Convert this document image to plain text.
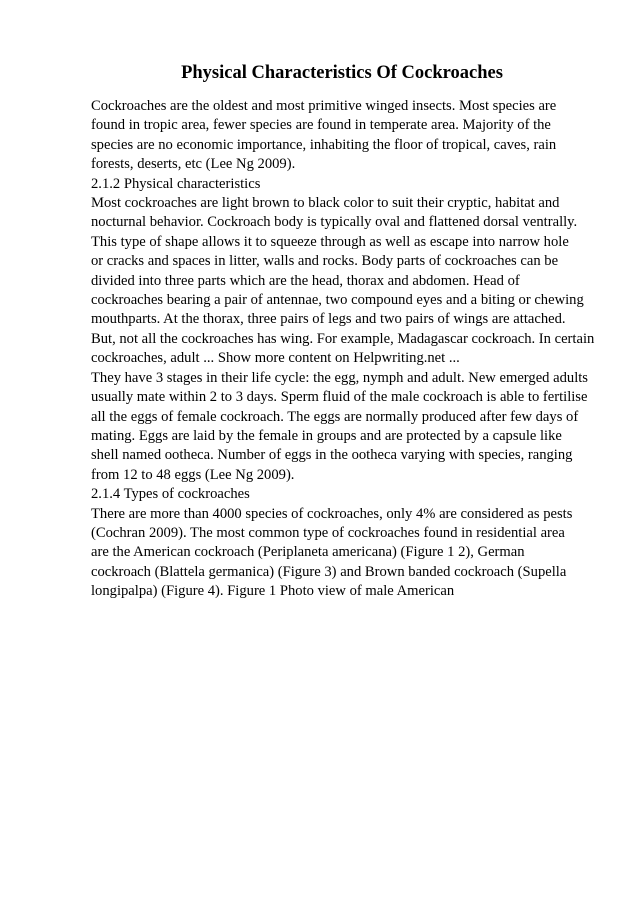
Physical Characteristics Of Cockroaches
Cockroaches are the oldest and most primitive winged insects. Most species are
found in tropic area, fewer species are found in temperate area. Majority of the
species are no economic importance, inhabiting the floor of tropical, caves, rain
forests, deserts, etc (Lee Ng 2009).
2.1.2 Physical characteristics
Most cockroaches are light brown to black color to suit their cryptic, habitat and
nocturnal behavior. Cockroach body is typically oval and flattened dorsal ventrally.
This type of shape allows it to squeeze through as well as escape into narrow hole
or cracks and spaces in litter, walls and rocks. Body parts of cockroaches can be
divided into three parts which are the head, thorax and abdomen. Head of
cockroaches bearing a pair of antennae, two compound eyes and a biting or chewing
mouthparts. At the thorax, three pairs of legs and two pairs of wings are attached.
But, not all the cockroaches has wing. For example, Madagascar cockroach. In certain
cockroaches, adult ... Show more content on Helpwriting.net ...
They have 3 stages in their life cycle: the egg, nymph and adult. New emerged adults
usually mate within 2 to 3 days. Sperm fluid of the male cockroach is able to fertilise
all the eggs of female cockroach. The eggs are normally produced after few days of
mating. Eggs are laid by the female in groups and are protected by a capsule like
shell named ootheca. Number of eggs in the ootheca varying with species, ranging
from 12 to 48 eggs (Lee Ng 2009).
2.1.4 Types of cockroaches
There are more than 4000 species of cockroaches, only 4% are considered as pests
(Cochran 2009). The most common type of cockroaches found in residential area
are the American cockroach (Periplaneta americana) (Figure 1 2), German
cockroach (Blattela germanica) (Figure 3) and Brown banded cockroach (Supella
longipalpa) (Figure 4). Figure 1 Photo view of male American
